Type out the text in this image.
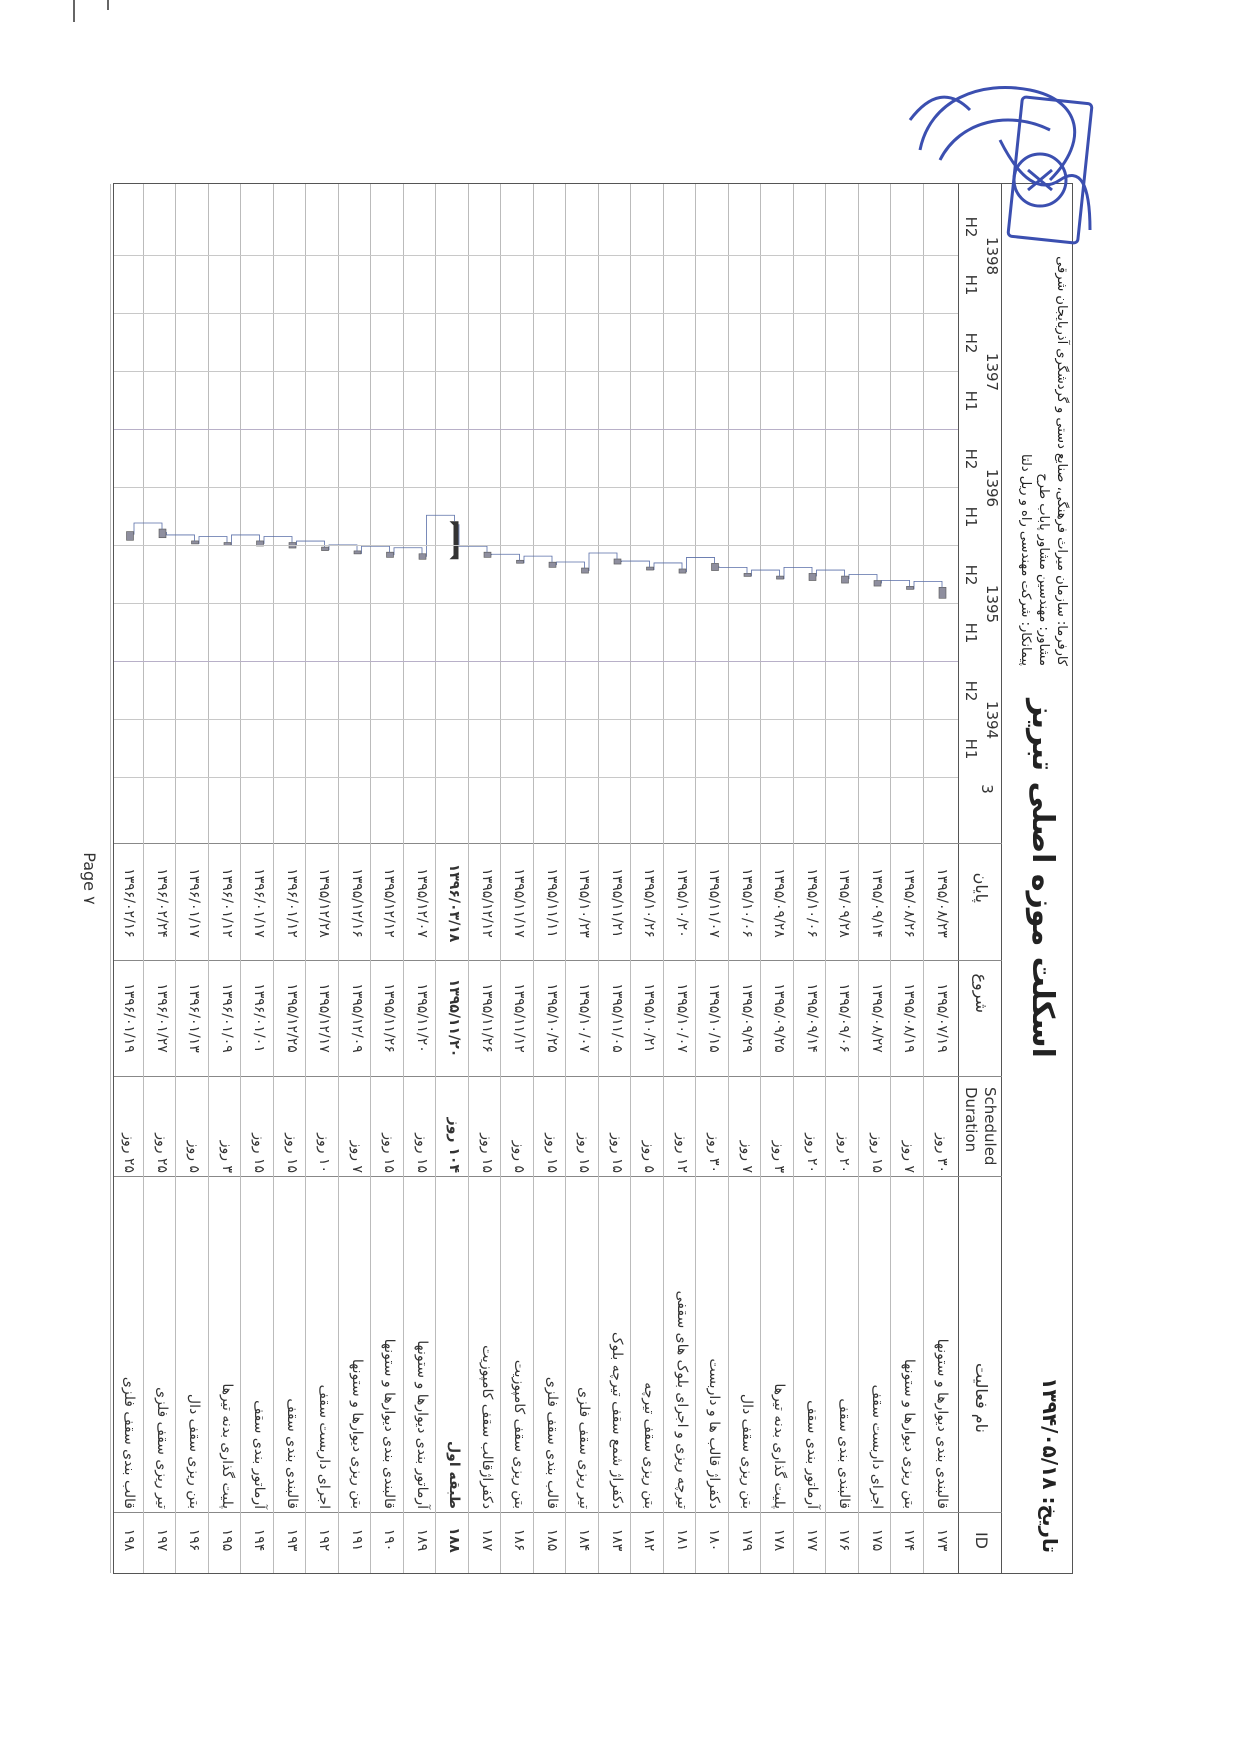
کارفرما: سازمان میراث فرهنگی، صنایع دستی و گردشگری آذربایجان شرقی
مشاور: مهندسین مشاور پاباب طرح
پیمانکار: شرکت مهندسی راه و ریل دلتا
اسکلت موزه اصلی تبریز
تاریخ: ۱۳۹۴/۰۵/۱۸
ID
نام فعالیت
Scheduled Duration
شروع
پایان
۱۷۳
قالبندی بندی دیوارها و ستونها
۳۰ روز
۱۳۹۵/۰۷/۱۹
۱۳۹۵/۰۸/۲۳
۱۷۴
بتن ریزی دیوارها و ستونها
۷ روز
۱۳۹۵/۰۸/۱۹
۱۳۹۵/۰۸/۲۶
۱۷۵
اجرای داربست سقف
۱۵ روز
۱۳۹۵/۰۸/۲۷
۱۳۹۵/۰۹/۱۴
۱۷۶
قالبندی بندی سقف
۲۰ روز
۱۳۹۵/۰۹/۰۶
۱۳۹۵/۰۹/۲۸
۱۷۷
آرماتور بندی سقف
۲۰ روز
۱۳۹۵/۰۹/۱۴
۱۳۹۵/۱۰/۰۶
۱۷۸
پلیت گذاری بدنه تیرها
۳ روز
۱۳۹۵/۰۹/۲۵
۱۳۹۵/۰۹/۲۸
۱۷۹
بتن ریزی سقف دال
۷ روز
۱۳۹۵/۰۹/۲۹
۱۳۹۵/۱۰/۰۶
۱۸۰
دکفراژ قالب ها و داربست
۳۰ روز
۱۳۹۵/۱۰/۱۵
۱۳۹۵/۱۱/۰۷
۱۸۱
تیرچه ریزی و اجرای بلوک های سقفی
۱۲ روز
۱۳۹۵/۱۰/۰۷
۱۳۹۵/۱۰/۲۰
۱۸۲
بتن ریزی سقف تیرچه
۵ روز
۱۳۹۵/۱۰/۲۱
۱۳۹۵/۱۰/۲۶
۱۸۳
دکفراژ شمع سقف تیرچه بلوک
۱۵ روز
۱۳۹۵/۱۱/۰۵
۱۳۹۵/۱۱/۲۱
۱۸۴
تیر ریزی سقف فلزی
۱۵ روز
۱۳۹۵/۱۰/۰۷
۱۳۹۵/۱۰/۲۳
۱۸۵
قالب بندی سقف فلزی
۱۵ روز
۱۳۹۵/۱۰/۲۵
۱۳۹۵/۱۱/۱۱
۱۸۶
بتن ریزی سقف کامپوزیت
۵ روز
۱۳۹۵/۱۱/۱۲
۱۳۹۵/۱۱/۱۷
۱۸۷
دکفراژقالب سقف کامپوزیت
۱۵ روز
۱۳۹۵/۱۱/۲۶
۱۳۹۵/۱۲/۱۲
۱۸۸
طبقه اول
۱۰۴ روز
۱۳۹۵/۱۱/۲۰
۱۳۹۶/۰۳/۱۸
۱۸۹
آرماتور بندی دیوارها و ستونها
۱۵ روز
۱۳۹۵/۱۱/۲۰
۱۳۹۵/۱۲/۰۷
۱۹۰
قالبندی بندی دیوارها و ستونها
۱۵ روز
۱۳۹۵/۱۱/۲۶
۱۳۹۵/۱۲/۱۲
۱۹۱
بتن ریزی دیوارها و ستونها
۷ روز
۱۳۹۵/۱۲/۰۹
۱۳۹۵/۱۲/۱۶
۱۹۲
اجرای داربست سقف
۱۰ روز
۱۳۹۵/۱۲/۱۷
۱۳۹۵/۱۲/۲۸
۱۹۳
قالبندی بندی سقف
۱۵ روز
۱۳۹۵/۱۲/۲۵
۱۳۹۶/۰۱/۱۲
۱۹۴
آرماتور بندی سقف
۱۵ روز
۱۳۹۶/۰۱/۰۱
۱۳۹۶/۰۱/۱۷
۱۹۵
پلیت گذاری بدنه تیرها
۳ روز
۱۳۹۶/۰۱/۰۹
۱۳۹۶/۰۱/۱۲
۱۹۶
بتن ریزی سقف دال
۵ روز
۱۳۹۶/۰۱/۱۳
۱۳۹۶/۰۱/۱۷
۱۹۷
تیر ریزی سقف فلزی
۲۵ روز
۱۳۹۶/۰۱/۲۷
۱۳۹۶/۰۲/۲۴
۱۹۸
قالب بندی سقف فلزی
۲۵ روز
۱۳۹۶/۰۱/۱۹
۱۳۹۶/۰۲/۱۶
3
1394
H1
H2
1395
H1
H2
1396
H1
H2
1397
H1
H2
1398
H1
H2
Page ۷
